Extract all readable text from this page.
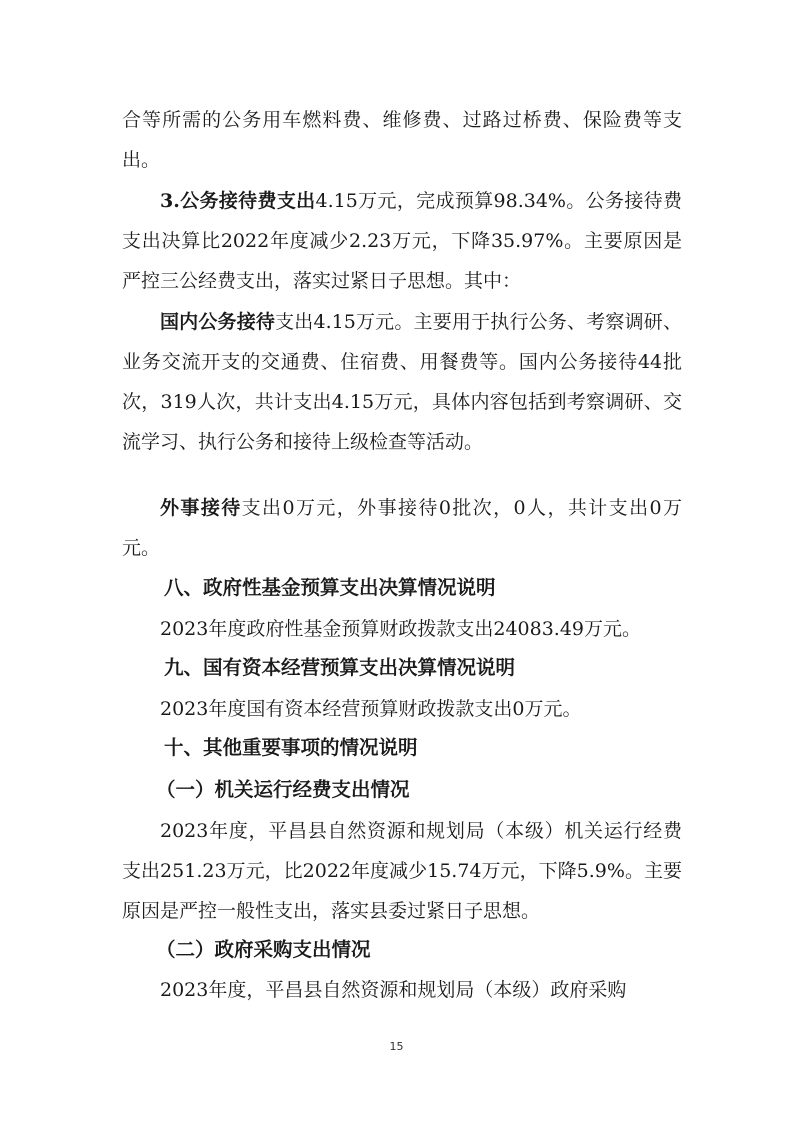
合等所需的公务用车燃料费、维修费、过路过桥费、保险费等支出。

3.公务接待费支出4.15万元，完成预算98.34%。公务接待费支出决算比2022年度减少2.23万元，下降35.97%。主要原因是严控三公经费支出，落实过紧日子思想。其中：

国内公务接待支出4.15万元。主要用于执行公务、考察调研、业务交流开支的交通费、住宿费、用餐费等。国内公务接待44批次，319人次，共计支出4.15万元，具体内容包括到考察调研、交流学习、执行公务和接待上级检查等活动。

外事接待支出0万元，外事接待0批次，0人，共计支出0万元。

八、政府性基金预算支出决算情况说明

2023年度政府性基金预算财政拨款支出24083.49万元。

九、国有资本经营预算支出决算情况说明

2023年度国有资本经营预算财政拨款支出0万元。

十、其他重要事项的情况说明
（一）机关运行经费支出情况

2023年度，平昌县自然资源和规划局（本级）机关运行经费支出251.23万元，比2022年度减少15.74万元，下降5.9%。主要原因是严控一般性支出，落实县委过紧日子思想。

（二）政府采购支出情况

2023年度，平昌县自然资源和规划局（本级）政府采购

15
